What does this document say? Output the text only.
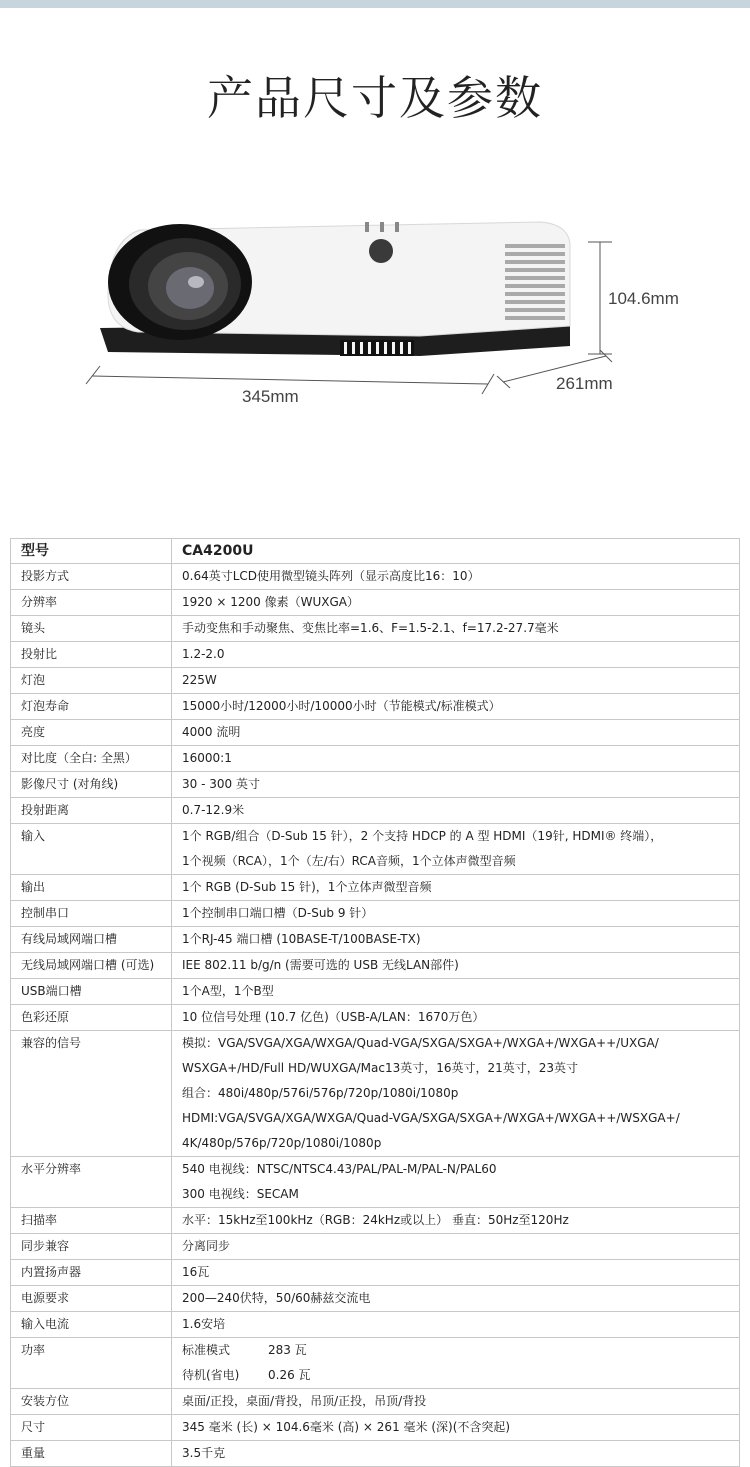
产品尺寸及参数
104.6mm
261mm
345mm
型号	CA4200U
投影方式	0.64英寸LCD使用微型镜头阵列（显示高度比16：10）

分辨率	1920 × 1200 像素（WUXGA）

镜头	手动变焦和手动聚焦、变焦比率=1.6、F=1.5-2.1、f=17.2-27.7毫米

投射比	1.2-2.0

灯泡	225W

灯泡寿命	15000小时/12000小时/10000小时（节能模式/标准模式）

亮度	4000 流明

对比度（全白: 全黑）	16000:1

影像尺寸 (对角线)	30 - 300 英寸

投射距离	0.7-12.9米

输入	1个 RGB/组合（D-Sub 15 针），2 个支持 HDCP 的 A 型 HDMI（19针, HDMI® 终端），
1个视频（RCA），1个（左/右）RCA音频，1个立体声微型音频

输出	1个 RGB (D-Sub 15 针)，1个立体声微型音频

控制串口	1个控制串口端口槽（D-Sub 9 针）

有线局域网端口槽	1个RJ-45 端口槽 (10BASE-T/100BASE-TX)

无线局域网端口槽 (可选)	IEE 802.11 b/g/n (需要可选的 USB 无线LAN部件)

USB端口槽	1个A型，1个B型

色彩还原	10 位信号处理 (10.7 亿色)（USB-A/LAN：1670万色）

兼容的信号	模拟：VGA/SVGA/XGA/WXGA/Quad-VGA/SXGA/SXGA+/WXGA+/WXGA++/UXGA/
WSXGA+/HD/Full HD/WUXGA/Mac13英寸，16英寸，21英寸，23英寸
组合：480i/480p/576i/576p/720p/1080i/1080p
HDMI:VGA/SVGA/XGA/WXGA/Quad-VGA/SXGA/SXGA+/WXGA+/WXGA++/WSXGA+/
4K/480p/576p/720p/1080i/1080p

水平分辨率	540 电视线：NTSC/NTSC4.43/PAL/PAL-M/PAL-N/PAL60
300 电视线：SECAM

扫描率	水平：15kHz至100kHz（RGB：24kHz或以上） 垂直：50Hz至120Hz

同步兼容	分离同步

内置扬声器	16瓦

电源要求	200—240伏特，50/60赫兹交流电

输入电流	1.6安培

功率	标准模式 283 瓦
待机(省电) 0.26 瓦

安装方位	桌面/正投，桌面/背投，吊顶/正投，吊顶/背投

尺寸	345 毫米 (长) × 104.6毫米 (高) × 261 毫米 (深)(不含突起)

重量	3.5千克
